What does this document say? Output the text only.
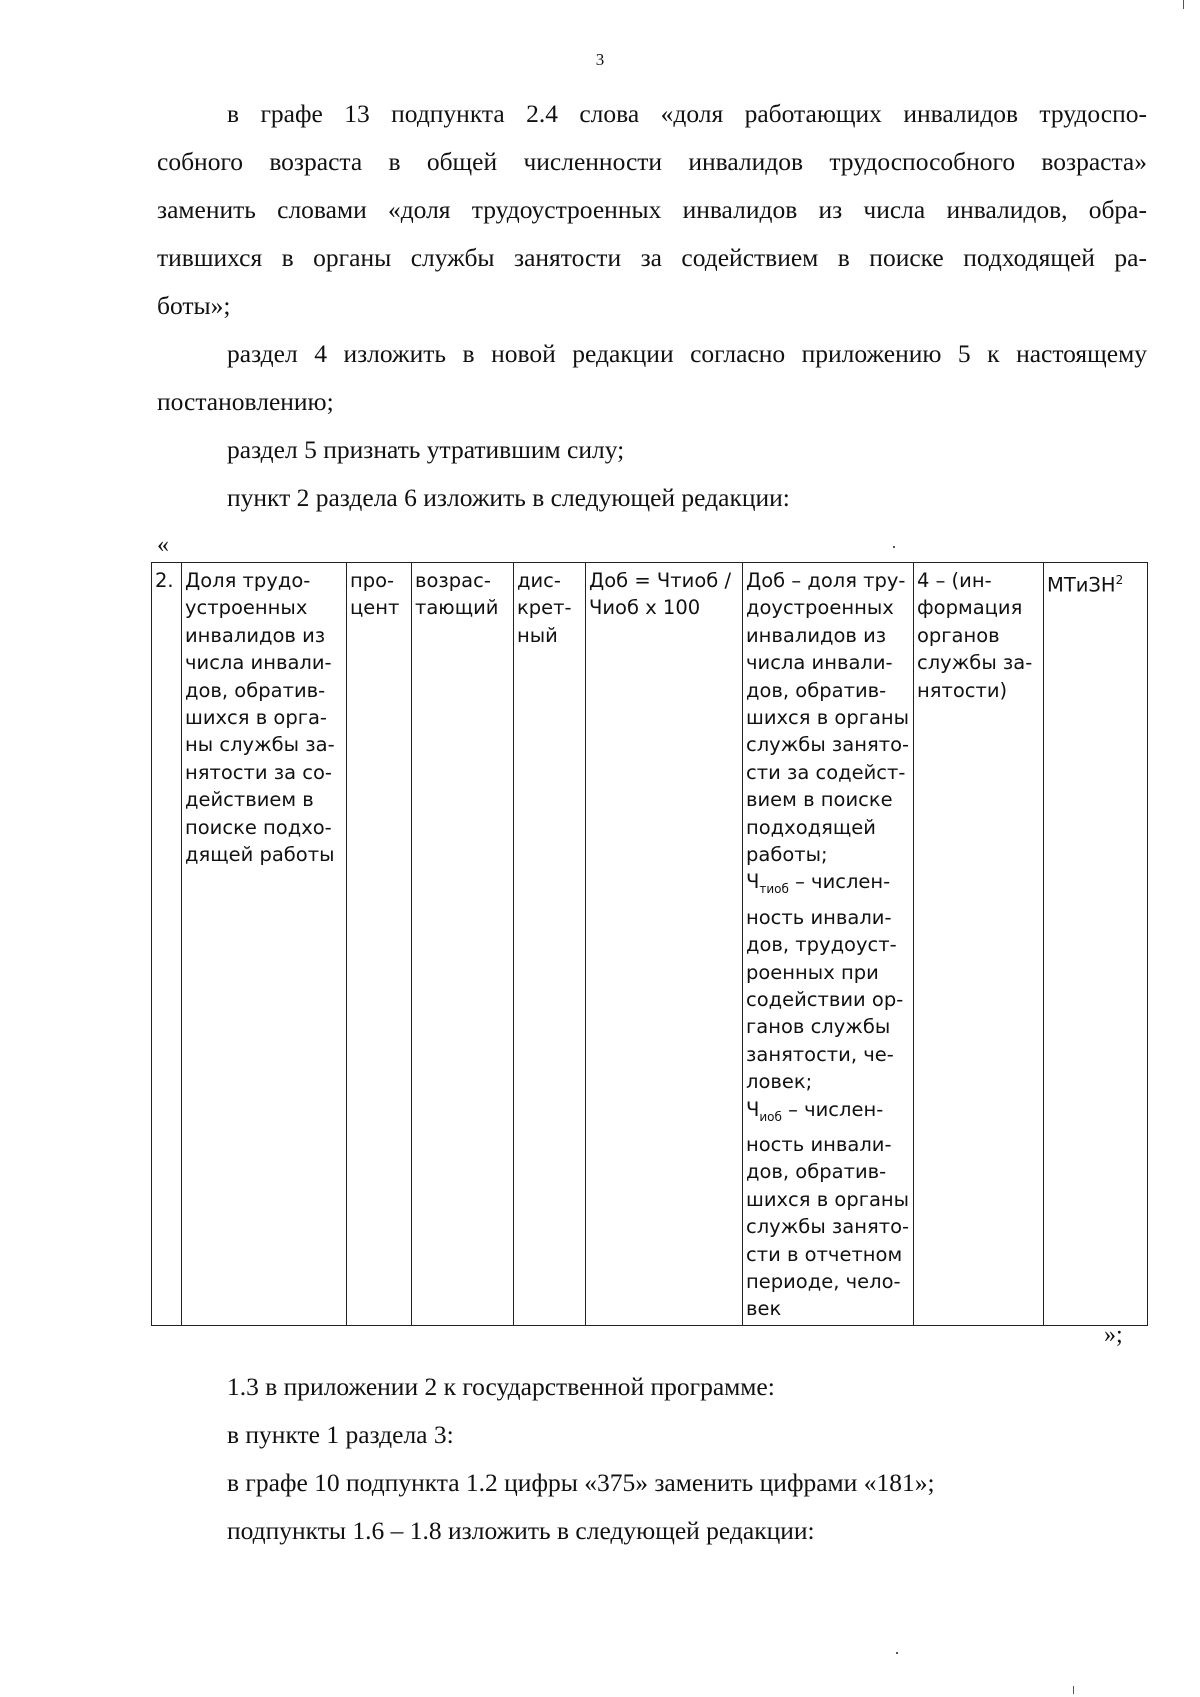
3

в графе 13 подпункта 2.4 слова «доля работающих инвалидов трудоспо-

собного возраста в общей численности инвалидов трудоспособного возраста»

заменить словами «доля трудоустроенных инвалидов из числа инвалидов, обра-

тившихся в органы службы занятости за содействием в поиске подходящей ра-

боты»;

раздел 4 изложить в новой редакции согласно приложению 5 к настоящему

постановлению;

раздел 5 признать утратившим силу;

пункт 2 раздела 6 изложить в следующей редакции:

«
2.	Доля трудо-
устроенных
инвалидов из
числа инвали-
дов, обратив-
шихся в орга-
ны службы за-
нятости за со-
действием в
поиске подхо-
дящей работы	про-
цент	возрас-
тающий	дис-
крет-
ный	Доб = Чтиоб /
Чиоб х 100	Доб – доля тру-
доустроенных
инвалидов из
числа инвали-
дов, обратив-
шихся в органы
службы занято-
сти за содейст-
вием в поиске
подходящей
работы;
$Ч_{тиоб}$ – числен-
ность инвали-
дов, трудоуст-
роенных при
содействии ор-
ганов службы
занятости, че-
ловек;
$Ч_{иоб}$ – числен-
ность инвали-
дов, обратив-
шихся в органы
службы занято-
сти в отчетном
периоде, чело-
век	4 – (ин-
формация
органов
службы за-
нятости)	МТиЗН$^2$
»;

1.3 в приложении 2 к государственной программе:

в пункте 1 раздела 3:

в графе 10 подпункта 1.2 цифры «375» заменить цифрами «181»;

подпункты 1.6 – 1.8 изложить в следующей редакции:
